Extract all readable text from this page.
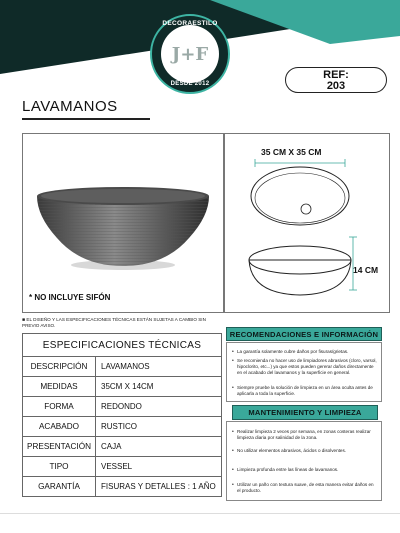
DECORAESTILO
J+F
DESDE 2012
REF:
203
LAVAMANOS
* NO INCLUYE SIFÓN
35 CM X 35 CM
14 CM
■ EL DISEÑO Y LAS ESPECIFICACIONES TÉCNICAS ESTÁN SUJETAS A CAMBIO SIN PREVIO AVISO.
ESPECIFICACIONES TÉCNICAS	
DESCRIPCIÓN	LAVAMANOS
MEDIDAS	35CM X 14CM
FORMA	REDONDO
ACABADO	RUSTICO
PRESENTACIÓN	CAJA
TIPO	VESSEL
GARANTÍA	FISURAS Y DETALLES : 1 AÑO
RECOMENDACIONES E INFORMACIÓN
• La garantía solamente cubre daños por fisuras/grietas.
• Se recomienda no hacer uso de limpiadores abrasivos (cloro, varsol, hipoclorito, etc...) ya que estos pueden gererar daños directamente en el acabado del lavamanos y la superficie en general.
• Siempre pruebe la solución de limpieza en un área oculta antes de aplicarla a toda la superficie.
MANTENIMIENTO Y LIMPIEZA
• Realizar limpieza 2 veces por semana, en zonas costeras realizar limpieza diaria por salinidad de la zona.
• No utilizar elementos abrasivos, ácidos o disolventes.
• Limpieza profunda entre las líneas de lavamanos.
• Utilizar un paño con textura suave, de esta manera evitar daños en el producto.
